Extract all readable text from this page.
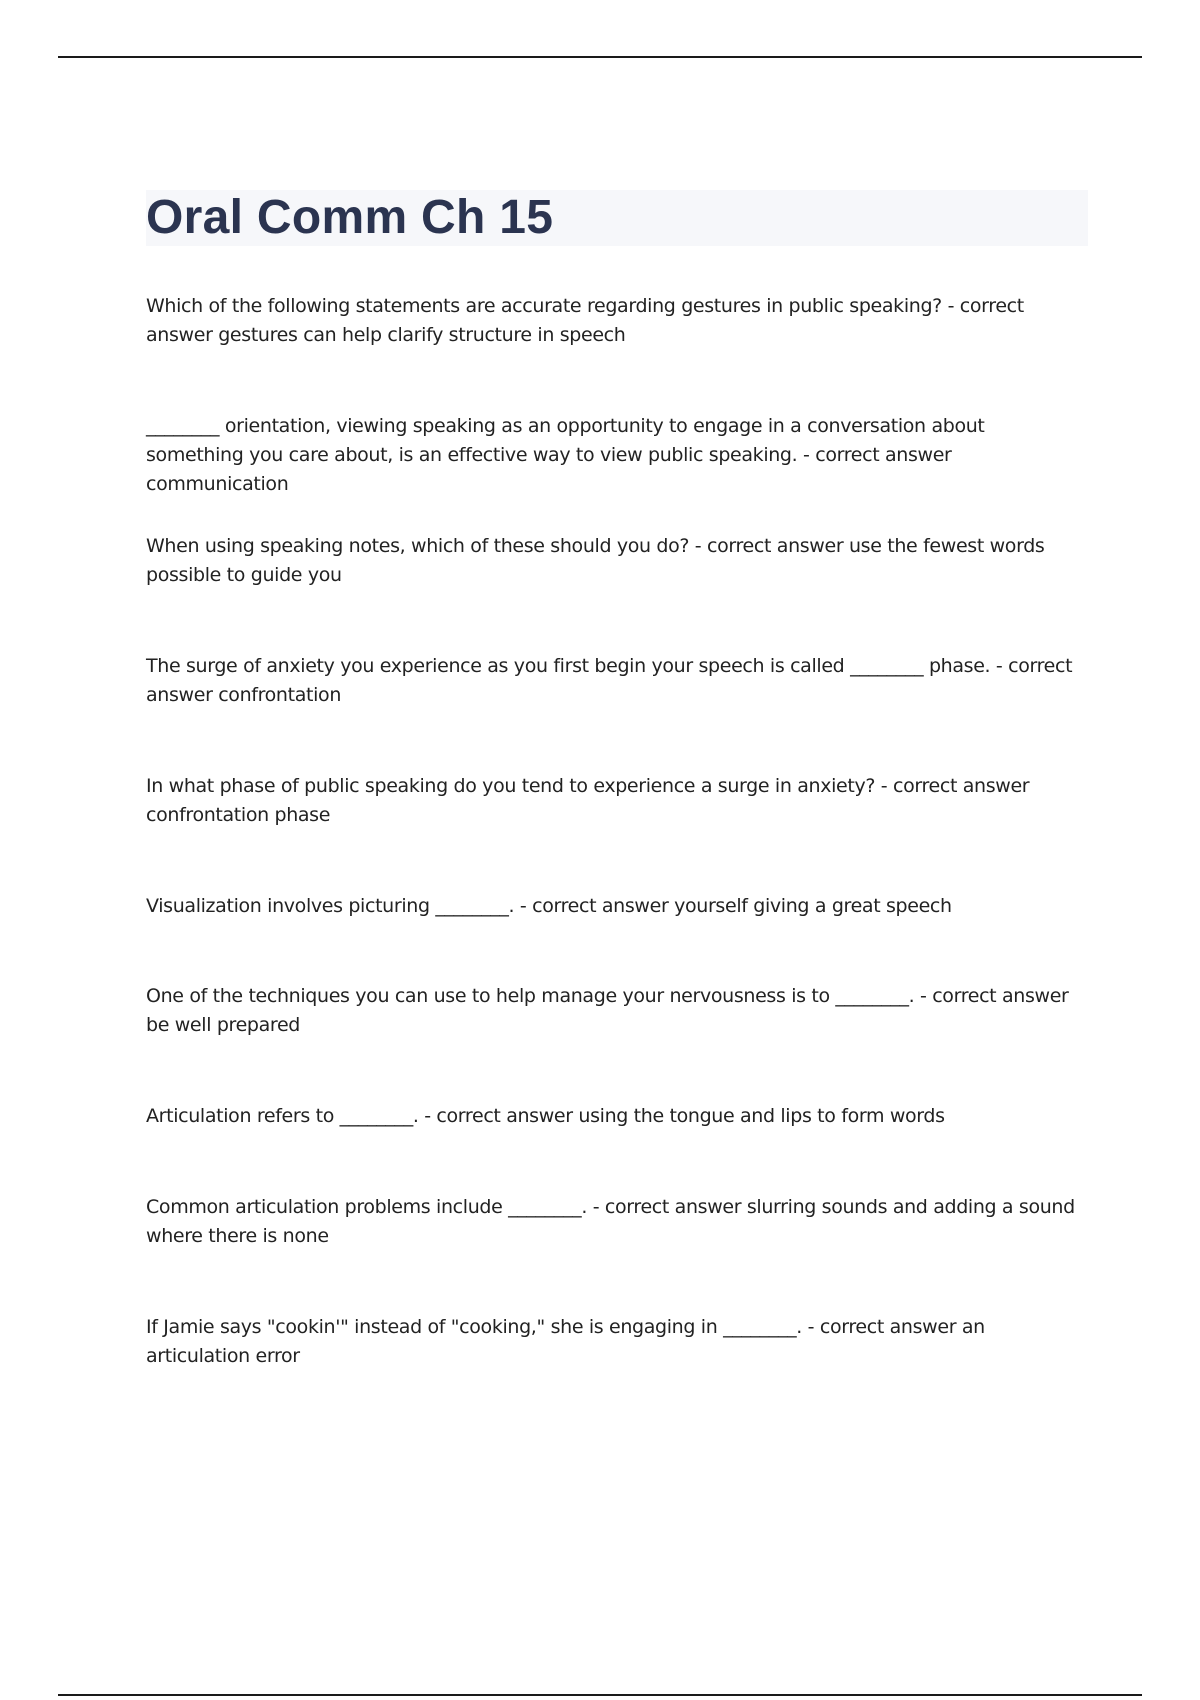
Oral Comm Ch 15

Which of the following statements are accurate regarding gestures in public speaking? - correct answer gestures can help clarify structure in speech

________ orientation, viewing speaking as an opportunity to engage in a conversation about something you care about, is an effective way to view public speaking. - correct answer communication

When using speaking notes, which of these should you do? - correct answer use the fewest words possible to guide you

The surge of anxiety you experience as you first begin your speech is called ________ phase. - correct answer confrontation

In what phase of public speaking do you tend to experience a surge in anxiety? - correct answer confrontation phase

Visualization involves picturing ________. - correct answer yourself giving a great speech

One of the techniques you can use to help manage your nervousness is to ________. - correct answer be well prepared

Articulation refers to ________. - correct answer using the tongue and lips to form words

Common articulation problems include ________. - correct answer slurring sounds and adding a sound where there is none

If Jamie says "cookin'" instead of "cooking," she is engaging in ________. - correct answer an articulation error
